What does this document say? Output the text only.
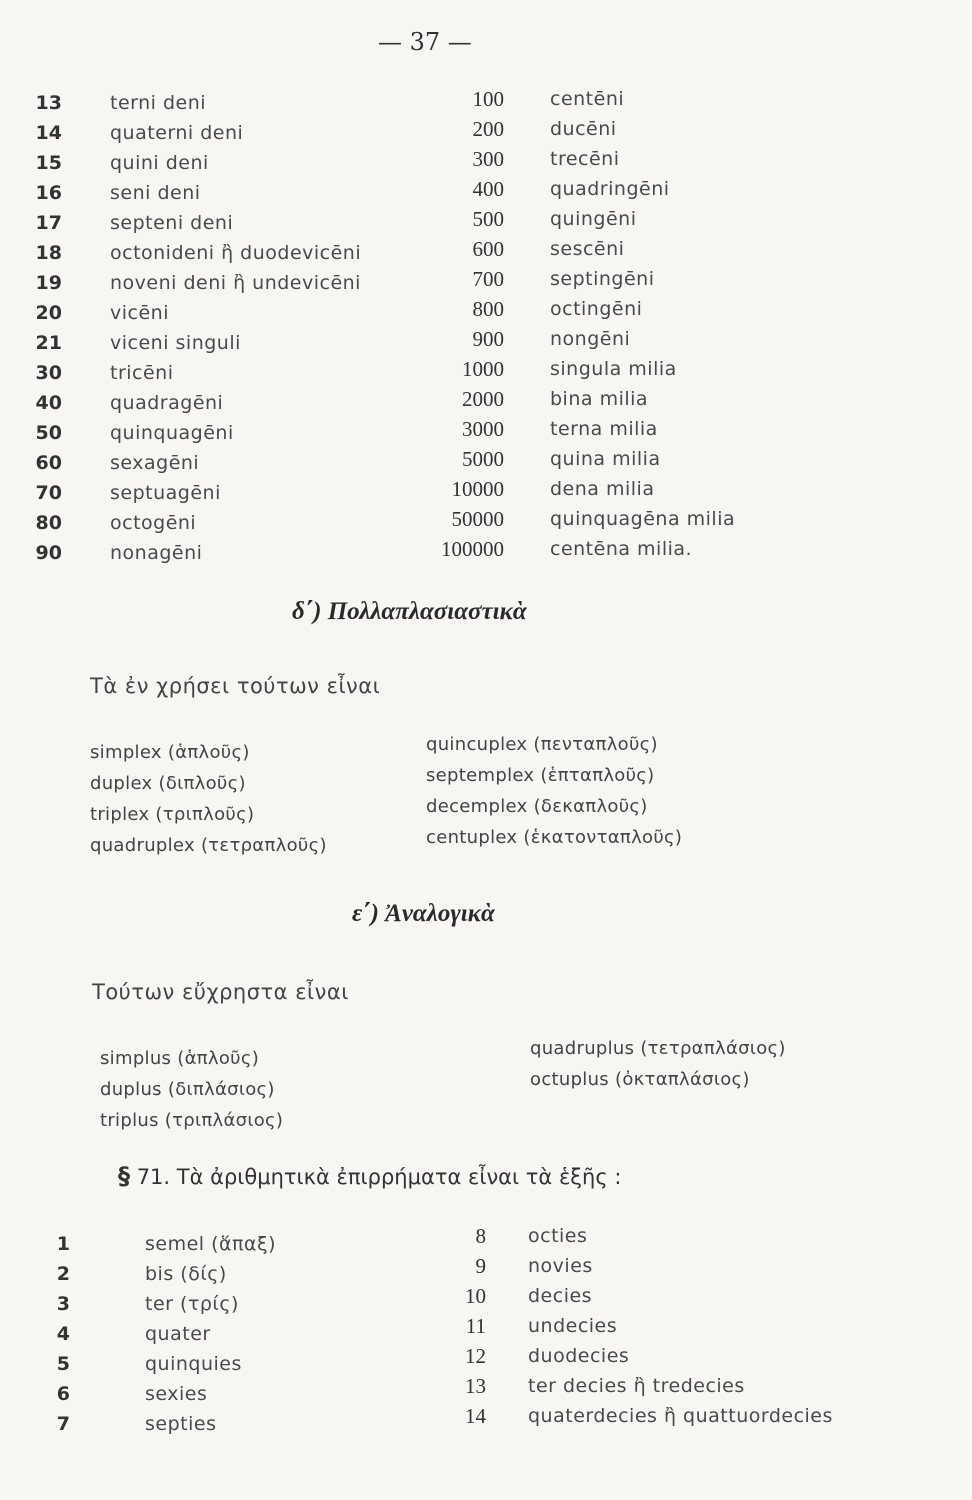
— 37 —
13	terni deni
14	quaterni deni
15	quini deni
16	seni deni
17	septeni deni
18	octonideni ἢ duodevicēni
19	noveni deni ἢ undevicēni
20	vicēni
21	viceni singuli
30	tricēni
40	quadragēni
50	quinquagēni
60	sexagēni
70	septuagēni
80	octogēni
90	nonagēni
100 centēni
200 ducēni
300 trecēni
400 quadringēni
500 quingēni
600 sescēni
700 septingēni
800 octingēni
900 nongēni
1000 singula milia
2000 bina milia
3000 terna milia
5000 quina milia
10000 dena milia
50000 quinquagēna milia
100000 centēna milia.
δ΄) Πολλαπλασιαστικὰ
Τὰ ἐν χρήσει τούτων εἶναι
simplex (ἁπλοῦς)
duplex (διπλοῦς)
triplex (τριπλοῦς)
quadruplex (τετραπλοῦς)
quincuplex (πενταπλοῦς)
septemplex (ἑπταπλοῦς)
decemplex (δεκαπλοῦς)
centuplex (ἑκατονταπλοῦς)
ε΄) Ἀναλογικὰ
Τούτων εὔχρηστα εἶναι
simplus (ἁπλοῦς)
duplus (διπλάσιος)
triplus (τριπλάσιος)
quadruplus (τετραπλάσιος)
octuplus (ὀκταπλάσιος)
§ 71. Τὰ ἀριθμητικὰ ἐπιρρήματα εἶναι τὰ ἑξῆς :
1	semel (ἅπαξ)
2	bis (δίς)
3	ter (τρίς)
4	quater
5	quinquies
6	sexies
7	septies
8 octies
9 novies
10 decies
11 undecies
12 duodecies
13 ter decies ἢ tredecies
14 quaterdecies ἢ quattuordecies
